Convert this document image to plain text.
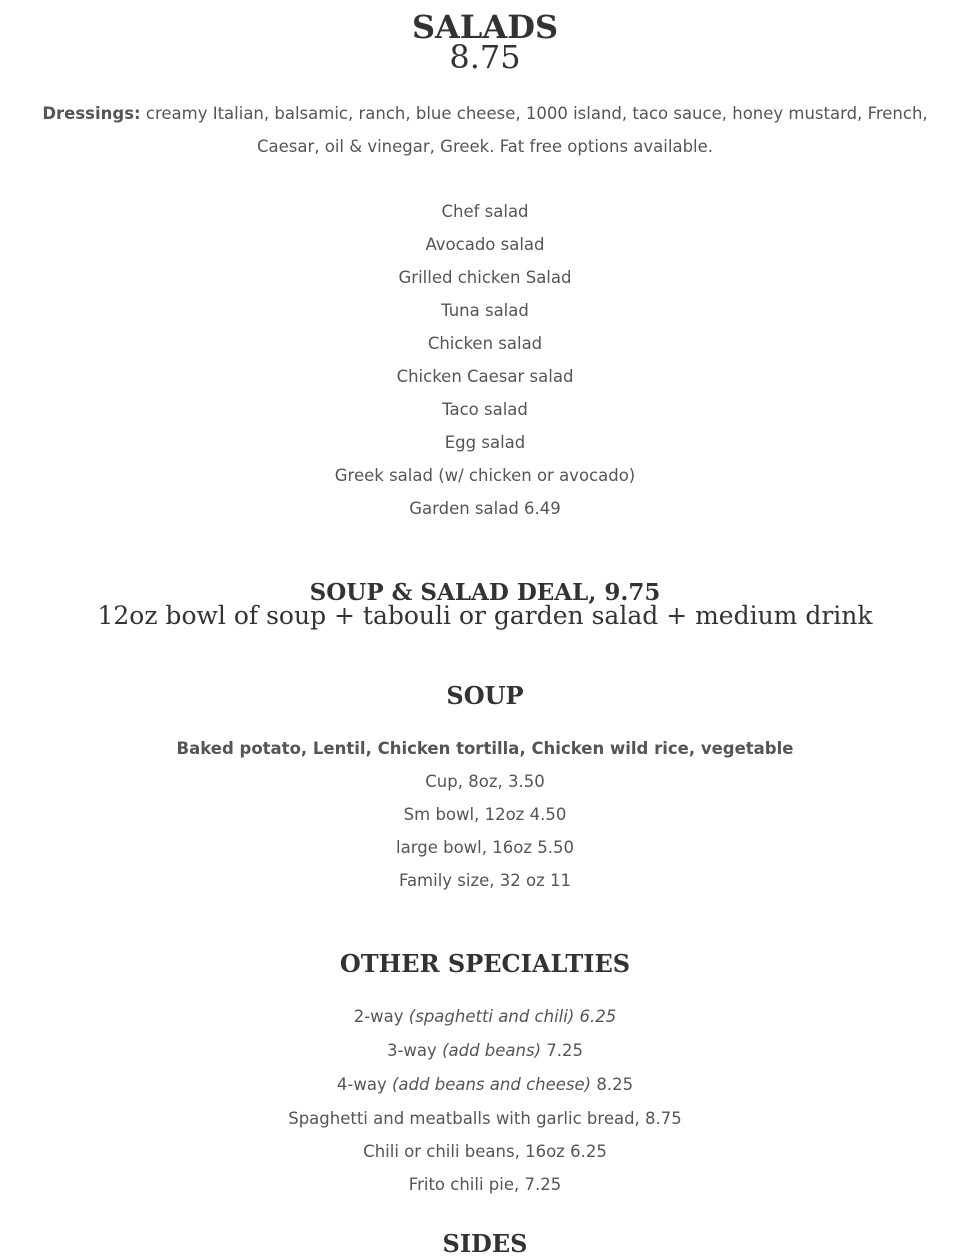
SALADS
8.75

Dressings: creamy Italian, balsamic, ranch, blue cheese, 1000 island, taco sauce, honey mustard, French, Caesar, oil & vinegar, Greek. Fat free options available.

Chef salad
Avocado salad
Grilled chicken Salad
Tuna salad
Chicken salad
Chicken Caesar salad
Taco salad
Egg salad
Greek salad (w/ chicken or avocado)
Garden salad 6.49
SOUP & SALAD DEAL, 9.75
12oz bowl of soup + tabouli or garden salad + medium drink
SOUP
Baked potato, Lentil, Chicken tortilla, Chicken wild rice, vegetable
Cup, 8oz, 3.50
Sm bowl, 12oz 4.50
large bowl, 16oz 5.50
Family size, 32 oz 11
OTHER SPECIALTIES
2-way (spaghetti and chili) 6.25
3-way (add beans) 7.25
4-way (add beans and cheese) 8.25
Spaghetti and meatballs with garlic bread, 8.75
Chili or chili beans, 16oz 6.25
Frito chili pie, 7.25
SIDES
